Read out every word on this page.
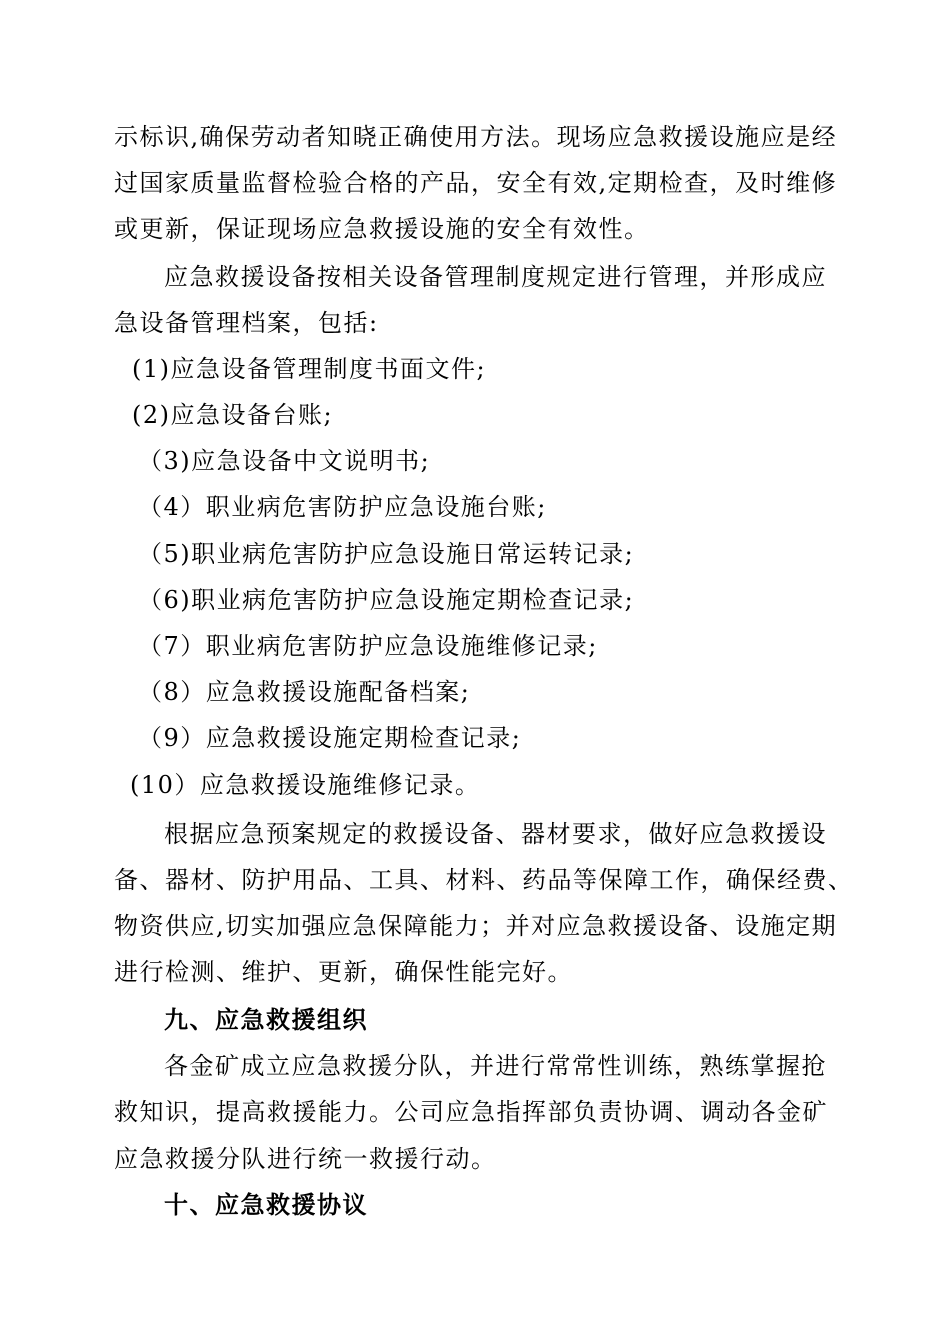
示标识,确保劳动者知晓正确使用方法。现场应急救援设施应是经
过国家质量监督检验合格的产品，安全有效,定期检查，及时维修
或更新，保证现场应急救援设施的安全有效性。
应急救援设备按相关设备管理制度规定进行管理，并形成应
急设备管理档案，包括:
(1)应急设备管理制度书面文件;
(2)应急设备台账;
（3)应急设备中文说明书;
（4）职业病危害防护应急设施台账;
（5)职业病危害防护应急设施日常运转记录;
（6)职业病危害防护应急设施定期检查记录;
（7）职业病危害防护应急设施维修记录;
（8）应急救援设施配备档案;
（9）应急救援设施定期检查记录;
(10）应急救援设施维修记录。
根据应急预案规定的救援设备、器材要求，做好应急救援设
备、器材、防护用品、工具、材料、药品等保障工作，确保经费、
物资供应,切实加强应急保障能力；并对应急救援设备、设施定期
进行检测、维护、更新，确保性能完好。
九、应急救援组织
各金矿成立应急救援分队，并进行常常性训练，熟练掌握抢
救知识，提高救援能力。公司应急指挥部负责协调、调动各金矿
应急救援分队进行统一救援行动。
十、应急救援协议
